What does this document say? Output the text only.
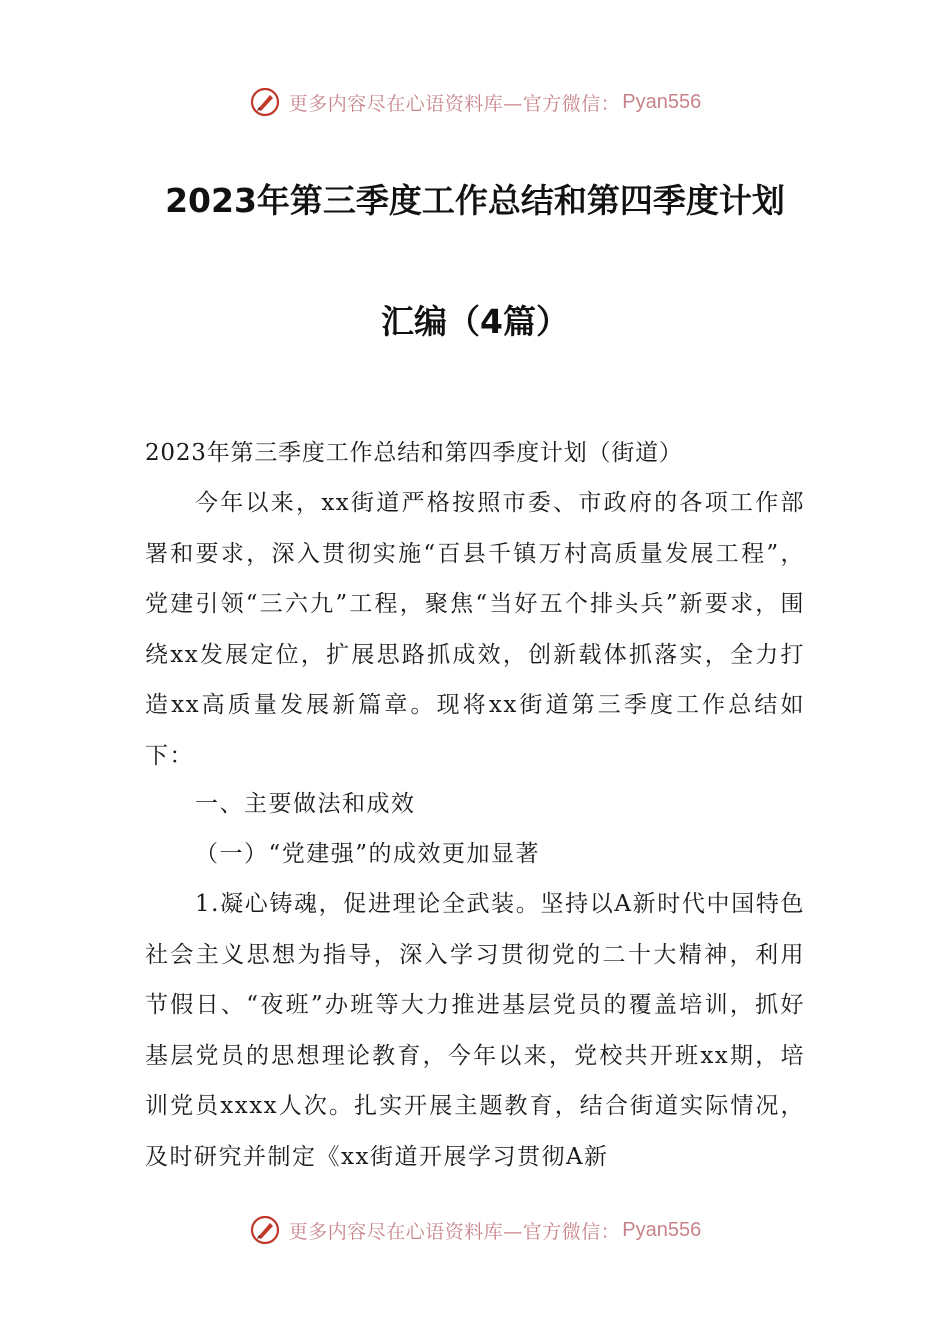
更多内容尽在心语资料库—官方微信： Pyan556
2023年第三季度工作总结和第四季度计划
汇编（4篇）
2023年第三季度工作总结和第四季度计划（街道）
今年以来，xx街道严格按照市委、市政府的各项工作部署和要求，深入贯彻实施“百县千镇万村高质量发展工程”，党建引领“三六九”工程，聚焦“当好五个排头兵”新要求，围绕xx发展定位，扩展思路抓成效，创新载体抓落实，全力打造xx高质量发展新篇章。现将xx街道第三季度工作总结如下：
一、主要做法和成效
（一）“党建强”的成效更加显著
1.凝心铸魂，促进理论全武装。坚持以A新时代中国特色社会主义思想为指导，深入学习贯彻党的二十大精神，利用节假日、“夜班”办班等大力推进基层党员的覆盖培训，抓好基层党员的思想理论教育，今年以来，党校共开班xx期，培训党员xxxx人次。扎实开展主题教育，结合街道实际情况，及时研究并制定《xx街道开展学习贯彻A新
更多内容尽在心语资料库—官方微信： Pyan556
